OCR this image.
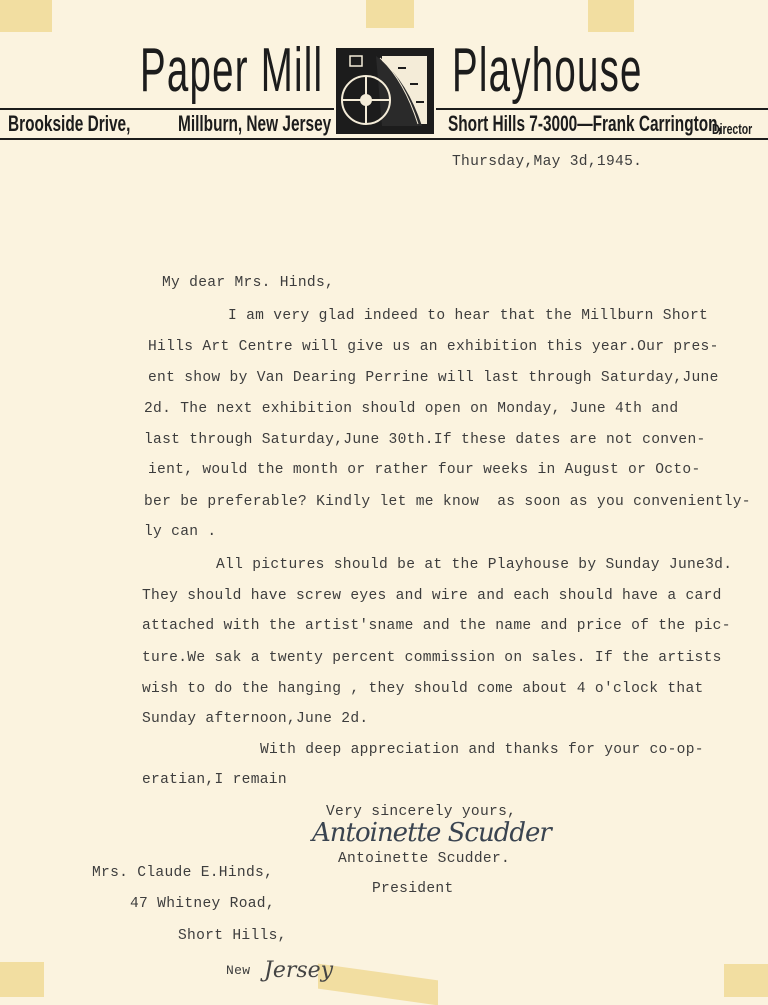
Paper Mill Playhouse
Brookside Drive, Millburn, New Jersey	Short Hills 7-3000—Frank Carrington,
Director
Thursday,May 3d,1945.
My dear Mrs. Hinds,
I am very glad indeed to hear that the Millburn Short
Hills Art Centre will give us an exhibition this year.Our pres-
ent show by Van Dearing Perrine will last through Saturday,June
2d. The next exhibition should open on Monday, June 4th and
last through Saturday,June 30th.If these dates are not conven-
ient, would the month or rather four weeks in August or Octo-
ber be preferable? Kindly let me know  as soon as you conveniently-
ly can .
All pictures should be at the Playhouse by Sunday June3d.
They should have screw eyes and wire and each should have a card
attached with the artist'sname and the name and price of the pic-
ture.We sak a twenty percent commission on sales. If the artists
wish to do the hanging , they should come about 4 o'clock that
Sunday afternoon,June 2d.
With deep appreciation and thanks for your co-op-
eratian,I remain
Very sincerely yours,
Antoinette Scudder
Antoinette Scudder.
President
Mrs. Claude E.Hinds,
47 Whitney Road,
Short Hills,
New Jersey
